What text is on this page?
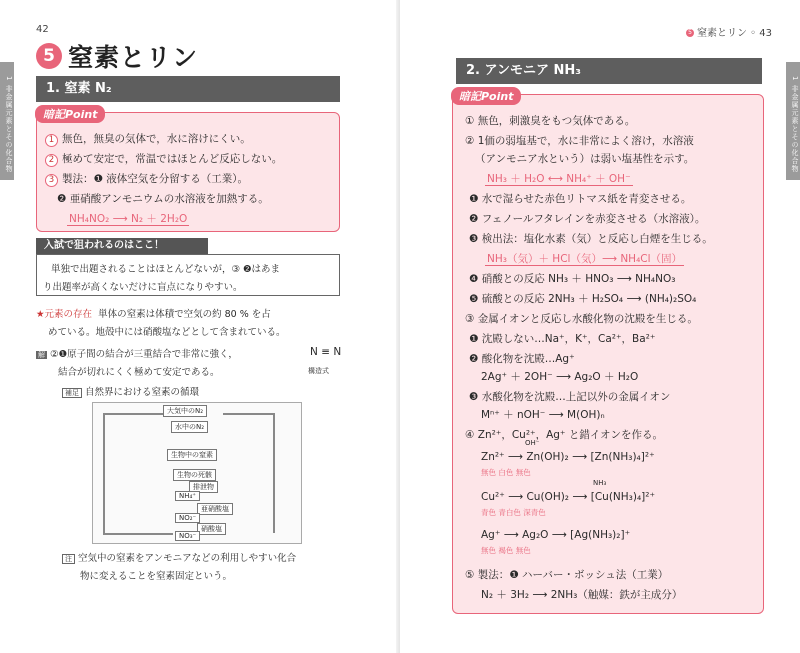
1 非金属元素とその化合物
42
5 窒素とリン
1. 窒素 N₂
暗記Point
1 無色，無臭の気体で，水に溶けにくい。
2 極めて安定で，常温ではほとんど反応しない。
3 製法：❶ 液体空気を分留する（工業）。
❷ 亜硝酸アンモニウムの水溶液を加熱する。
NH₄NO₂ ⟶ N₂ ＋ 2H₂O
入試で狙われるのはここ！
単独で出題されることはほとんどないが，③ ❷はあま
り出題率が高くないだけに盲点になりやすい。
★元素の存在 単体の窒素は体積で空気の約 80 % を占
めている。地殻中には硝酸塩などとして含まれている。
解 ②❶原子間の結合が三重結合で非常に強く，
結合が切れにくく極めて安定である。
N ≡ N
構造式
補足 自然界における窒素の循環
大気中のN₂
水中のN₂
生物中の窒素
生物の死骸
排泄物
NH₄⁺
亜硝酸塩
NO₂⁻
硝酸塩
NO₃⁻
注 空気中の窒素をアンモニアなどの利用しやすい化合
物に変えることを窒素固定という。
1 非金属元素とその化合物
5 窒素とリン ◦ 43
2. アンモニア NH₃
暗記Point
① 無色，刺激臭をもつ気体である。
② 1価の弱塩基で，水に非常によく溶け，水溶液
（アンモニア水という）は弱い塩基性を示す。
NH₃ ＋ H₂O ⟷ NH₄⁺ ＋ OH⁻
❶ 水で湿らせた赤色リトマス紙を青変させる。
❷ フェノールフタレインを赤変させる（水溶液）。
❸ 検出法：塩化水素（気）と反応し白煙を生じる。
NH₃（気）＋ HCl（気）⟶ NH₄Cl（固）
❹ 硝酸との反応 NH₃ ＋ HNO₃ ⟶ NH₄NO₃
❺ 硫酸との反応 2NH₃ ＋ H₂SO₄ ⟶ (NH₄)₂SO₄
③ 金属イオンと反応し水酸化物の沈殿を生じる。
❶ 沈殿しない…Na⁺，K⁺，Ca²⁺，Ba²⁺
❷ 酸化物を沈殿…Ag⁺
2Ag⁺ ＋ 2OH⁻ ⟶ Ag₂O ＋ H₂O
❸ 水酸化物を沈殿…上記以外の金属イオン
Mⁿ⁺ ＋ nOH⁻ ⟶ M(OH)ₙ
④ Zn²⁺，Cu²⁺，Ag⁺ と錯イオンを作る。
OH⁻
Zn²⁺ ⟶ Zn(OH)₂ ⟶ [Zn(NH₃)₄]²⁺
無色 白色 無色
NH₃
Cu²⁺ ⟶ Cu(OH)₂ ⟶ [Cu(NH₃)₄]²⁺
青色 青白色 深青色
Ag⁺ ⟶ Ag₂O ⟶ [Ag(NH₃)₂]⁺
無色 褐色 無色
⑤ 製法：❶ ハーバー・ボッシュ法（工業）
N₂ ＋ 3H₂ ⟶ 2NH₃（触媒：鉄が主成分）
